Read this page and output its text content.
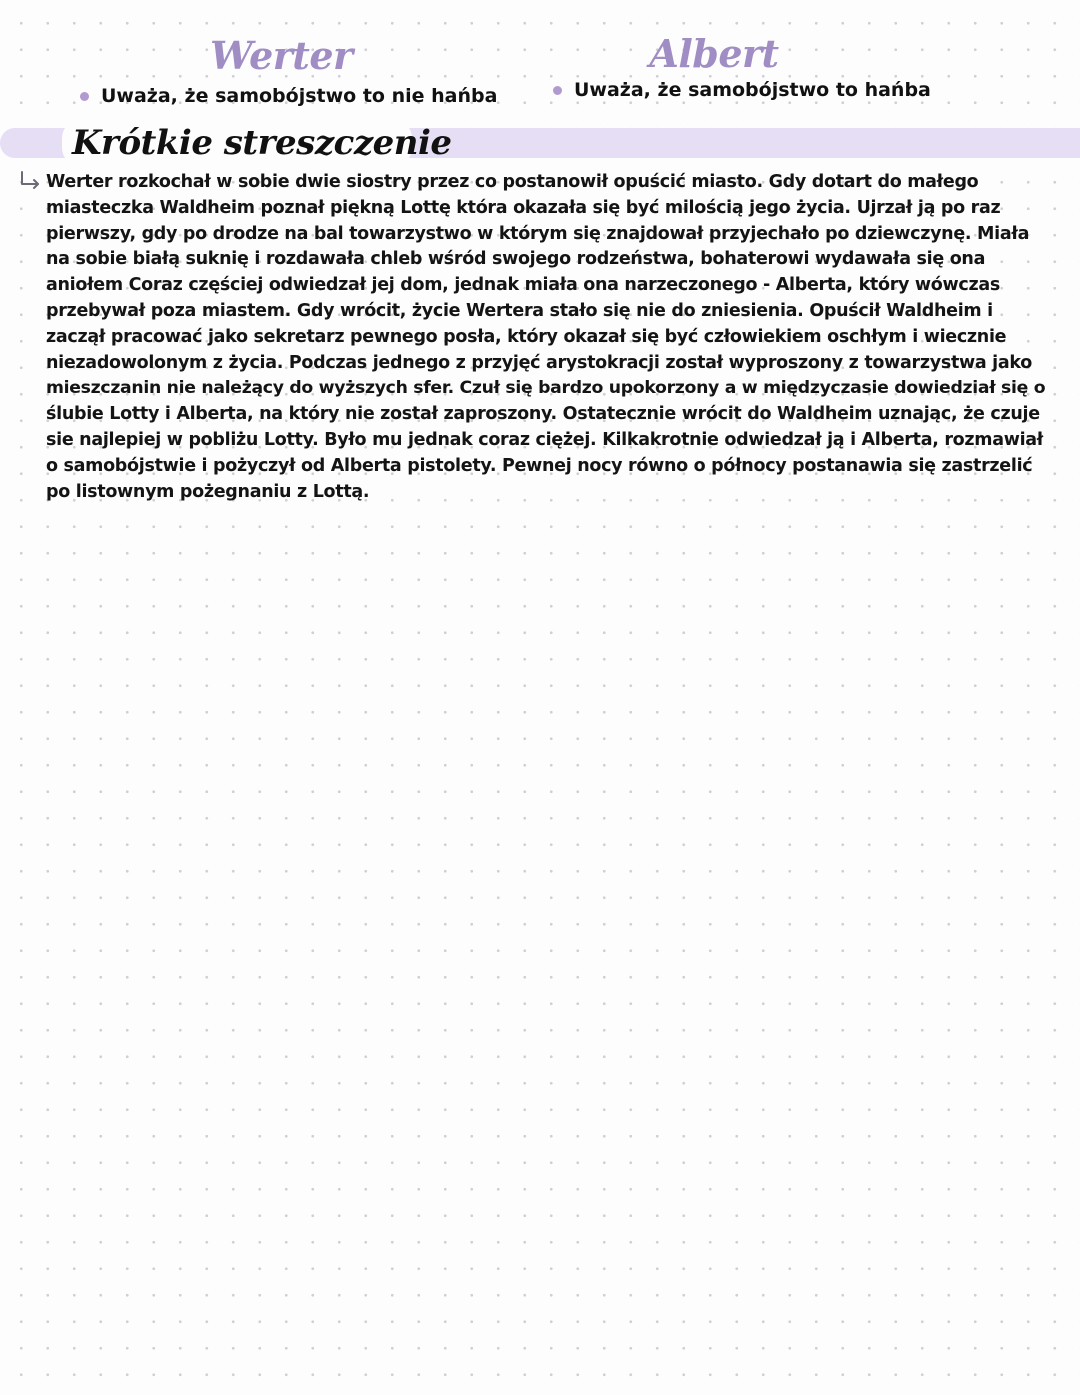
Werter	Albert
Uważa, że samobójstwo to nie hańba	Uważa, że samobójstwo to hańba
Krótkie streszczenie
Werter rozkochał w sobie dwie siostry przez co postanowił opuścić miasto. Gdy dotart do małego
miasteczka Waldheim poznał piękną Lottę która okazała się być milością jego życia. Ujrzał ją po raz
pierwszy, gdy po drodze na bal towarzystwo w którym się znajdował przyjechało po dziewczynę. Miała
na sobie białą suknię i rozdawała chleb wśród swojego rodzeństwa, bohaterowi wydawała się ona
aniołem Coraz częściej odwiedzał jej dom, jednak miała ona narzeczonego - Alberta, który wówczas
przebywał poza miastem. Gdy wrócit, życie Wertera stało się nie do zniesienia. Opuścił Waldheim i
zaczął pracować jako sekretarz pewnego posła, który okazał się być człowiekiem oschłym i wiecznie
niezadowolonym z życia. Podczas jednego z przyjęć arystokracji został wyproszony z towarzystwa jako
mieszczanin nie należący do wyższych sfer. Czuł się bardzo upokorzony a w międzyczasie dowiedział się o
ślubie Lotty i Alberta, na który nie został zaproszony. Ostatecznie wrócit do Waldheim uznając, że czuje
sie najlepiej w pobliżu Lotty. Było mu jednak coraz ciężej. Kilkakrotnie odwiedzał ją i Alberta, rozmawiał
o samobójstwie i pożyczył od Alberta pistolety. Pewnej nocy równo o północy postanawia się zastrzelić
po listownym pożegnaniu z Lottą.
